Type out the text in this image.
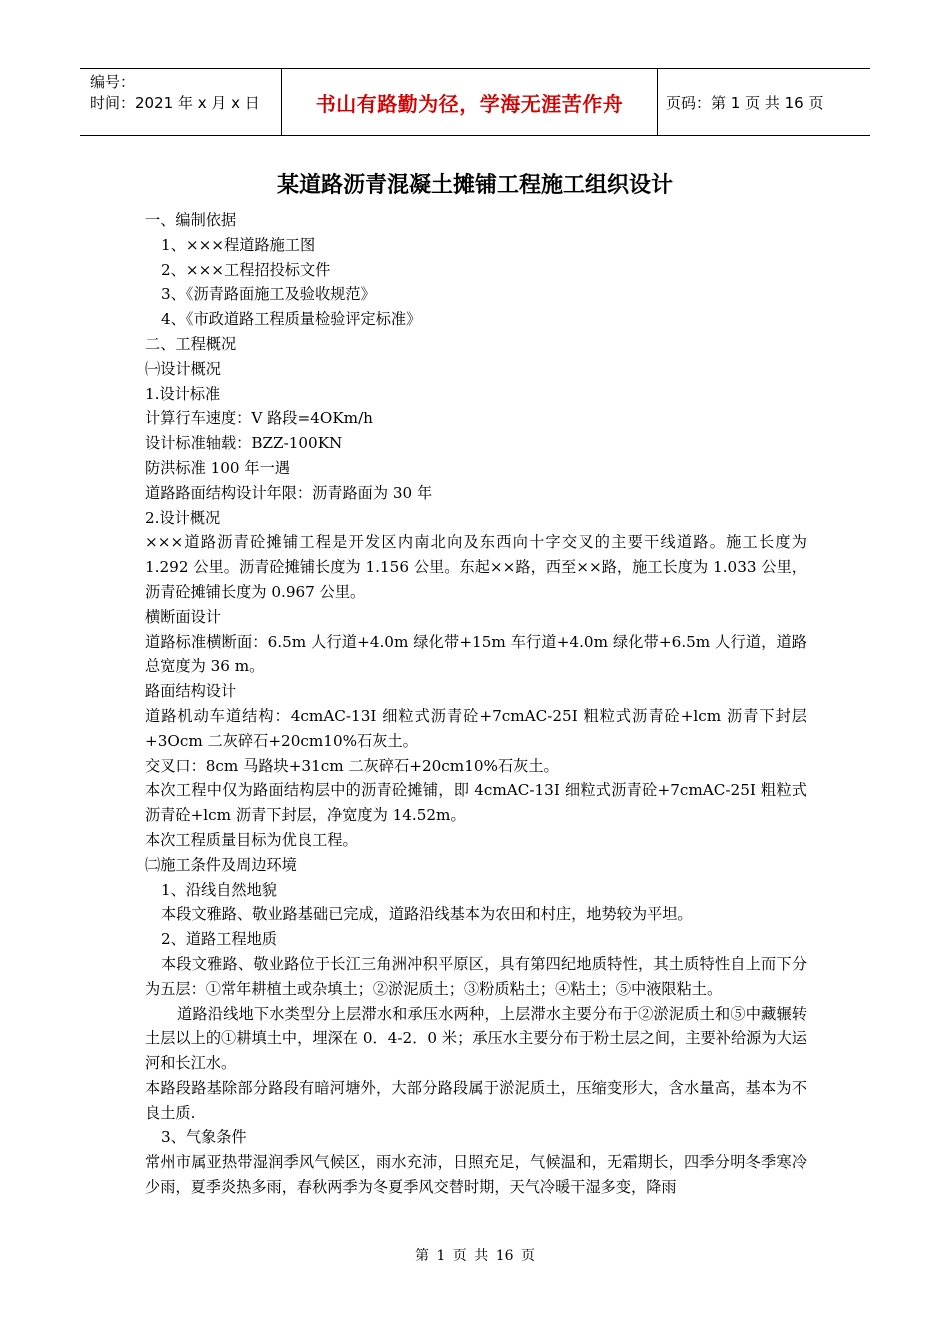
编号：
时间：2021 年 x 月 x 日	书山有路勤为径，学海无涯苦作舟	页码：第 1 页 共 16 页
某道路沥青混凝土摊铺工程施工组织设计

一、编制依据

1、×××程道路施工图

2、×××工程招投标文件

3、《沥青路面施工及验收规范》

4、《市政道路工程质量检验评定标准》

二、工程概况

㈠设计概况

1.设计标准

计算行车速度：V 路段=4OKm/h

设计标准轴载：BZZ-100KN

防洪标准 100 年一遇

道路路面结构设计年限：沥青路面为 30 年

2.设计概况

×××道路沥青砼摊铺工程是开发区内南北向及东西向十字交叉的主要干线道路。施工长度为 1.292 公里。沥青砼摊铺长度为 1.156 公里。东起××路，西至××路，施工长度为 1.033 公里，沥青砼摊铺长度为 0.967 公里。

横断面设计

道路标准横断面：6.5m 人行道+4.0m 绿化带+15m 车行道+4.0m 绿化带+6.5m 人行道，道路总宽度为 36 m。

路面结构设计

道路机动车道结构：4cmAC-13I 细粒式沥青砼+7cmAC-25I 粗粒式沥青砼+lcm 沥青下封层+3Ocm 二灰碎石+20cm10%石灰土。

交叉口：8cm 马路块+31cm 二灰碎石+20cm10%石灰土。

本次工程中仅为路面结构层中的沥青砼摊铺，即 4cmAC-13I 细粒式沥青砼+7cmAC-25I 粗粒式沥青砼+lcm 沥青下封层，净宽度为 14.52m。

本次工程质量目标为优良工程。

㈡施工条件及周边环境

1、沿线自然地貌

本段文雅路、敬业路基础已完成，道路沿线基本为农田和村庄，地势较为平坦。

2、道路工程地质

本段文雅路、敬业路位于长江三角洲冲积平原区，具有第四纪地质特性，其土质特性自上而下分为五层：①常年耕植土或杂填土；②淤泥质土；③粉质粘土；④粘土；⑤中液限粘土。

道路沿线地下水类型分上层滞水和承压水两种，上层滞水主要分布于②淤泥质土和⑤中藏辗转土层以上的①耕填土中，埋深在 0．4-2．0 米；承压水主要分布于粉土层之间，主要补给源为大运河和长江水。

本路段路基除部分路段有暗河塘外，大部分路段属于淤泥质土，压缩变形大，含水量高，基本为不良土质.

3、气象条件

常州市属亚热带湿润季风气候区，雨水充沛，日照充足，气候温和，无霜期长，四季分明冬季寒冷少雨，夏季炎热多雨，春秋两季为冬夏季风交替时期，天气冷暖干湿多变，降雨

第 1 页 共 16 页
